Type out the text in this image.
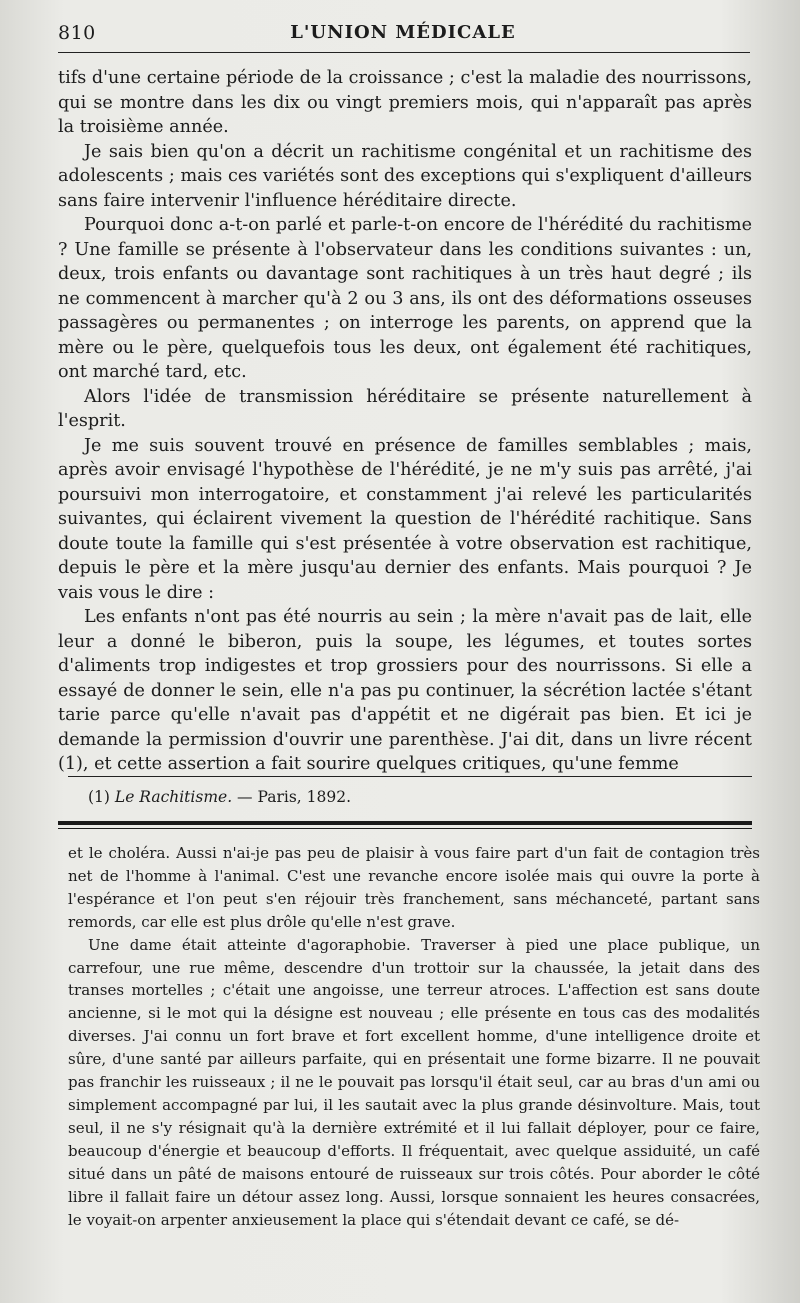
810	L'UNION MÉDICALE

tifs d'une certaine période de la croissance ; c'est la maladie des nourrissons, qui se montre dans les dix ou vingt premiers mois, qui n'apparaît pas après la troisième année.

Je sais bien qu'on a décrit un rachitisme congénital et un rachitisme des adolescents ; mais ces variétés sont des exceptions qui s'expliquent d'ailleurs sans faire intervenir l'influence héréditaire directe.

Pourquoi donc a-t-on parlé et parle-t-on encore de l'hérédité du rachitisme ? Une famille se présente à l'observateur dans les conditions suivantes : un, deux, trois enfants ou davantage sont rachitiques à un très haut degré ; ils ne commencent à marcher qu'à 2 ou 3 ans, ils ont des déformations osseuses passagères ou permanentes ; on interroge les parents, on apprend que la mère ou le père, quelquefois tous les deux, ont également été rachitiques, ont marché tard, etc.

Alors l'idée de transmission héréditaire se présente naturellement à l'esprit.

Je me suis souvent trouvé en présence de familles semblables ; mais, après avoir envisagé l'hypothèse de l'hérédité, je ne m'y suis pas arrêté, j'ai poursuivi mon interrogatoire, et constamment j'ai relevé les particularités suivantes, qui éclairent vivement la question de l'hérédité rachitique. Sans doute toute la famille qui s'est présentée à votre observation est rachitique, depuis le père et la mère jusqu'au dernier des enfants. Mais pourquoi ? Je vais vous le dire :

Les enfants n'ont pas été nourris au sein ; la mère n'avait pas de lait, elle leur a donné le biberon, puis la soupe, les légumes, et toutes sortes d'aliments trop indigestes et trop grossiers pour des nourrissons. Si elle a essayé de donner le sein, elle n'a pas pu continuer, la sécrétion lactée s'étant tarie parce qu'elle n'avait pas d'appétit et ne digérait pas bien. Et ici je demande la permission d'ouvrir une parenthèse. J'ai dit, dans un livre récent (1), et cette assertion a fait sourire quelques critiques, qu'une femme

(1) Le Rachitisme. — Paris, 1892.

et le choléra. Aussi n'ai-je pas peu de plaisir à vous faire part d'un fait de contagion très net de l'homme à l'animal. C'est une revanche encore isolée mais qui ouvre la porte à l'espérance et l'on peut s'en réjouir très franchement, sans méchanceté, partant sans remords, car elle est plus drôle qu'elle n'est grave.

Une dame était atteinte d'agoraphobie. Traverser à pied une place publique, un carrefour, une rue même, descendre d'un trottoir sur la chaussée, la jetait dans des transes mortelles ; c'était une angoisse, une terreur atroces. L'affection est sans doute ancienne, si le mot qui la désigne est nouveau ; elle présente en tous cas des modalités diverses. J'ai connu un fort brave et fort excellent homme, d'une intelligence droite et sûre, d'une santé par ailleurs parfaite, qui en présentait une forme bizarre. Il ne pouvait pas franchir les ruisseaux ; il ne le pouvait pas lorsqu'il était seul, car au bras d'un ami ou simplement accompagné par lui, il les sautait avec la plus grande désinvolture. Mais, tout seul, il ne s'y résignait qu'à la dernière extrémité et il lui fallait déployer, pour ce faire, beaucoup d'énergie et beaucoup d'efforts. Il fréquentait, avec quelque assiduité, un café situé dans un pâté de maisons entouré de ruisseaux sur trois côtés. Pour aborder le côté libre il fallait faire un détour assez long. Aussi, lorsque sonnaient les heures consacrées, le voyait-on arpenter anxieusement la place qui s'étendait devant ce café, se dé-
